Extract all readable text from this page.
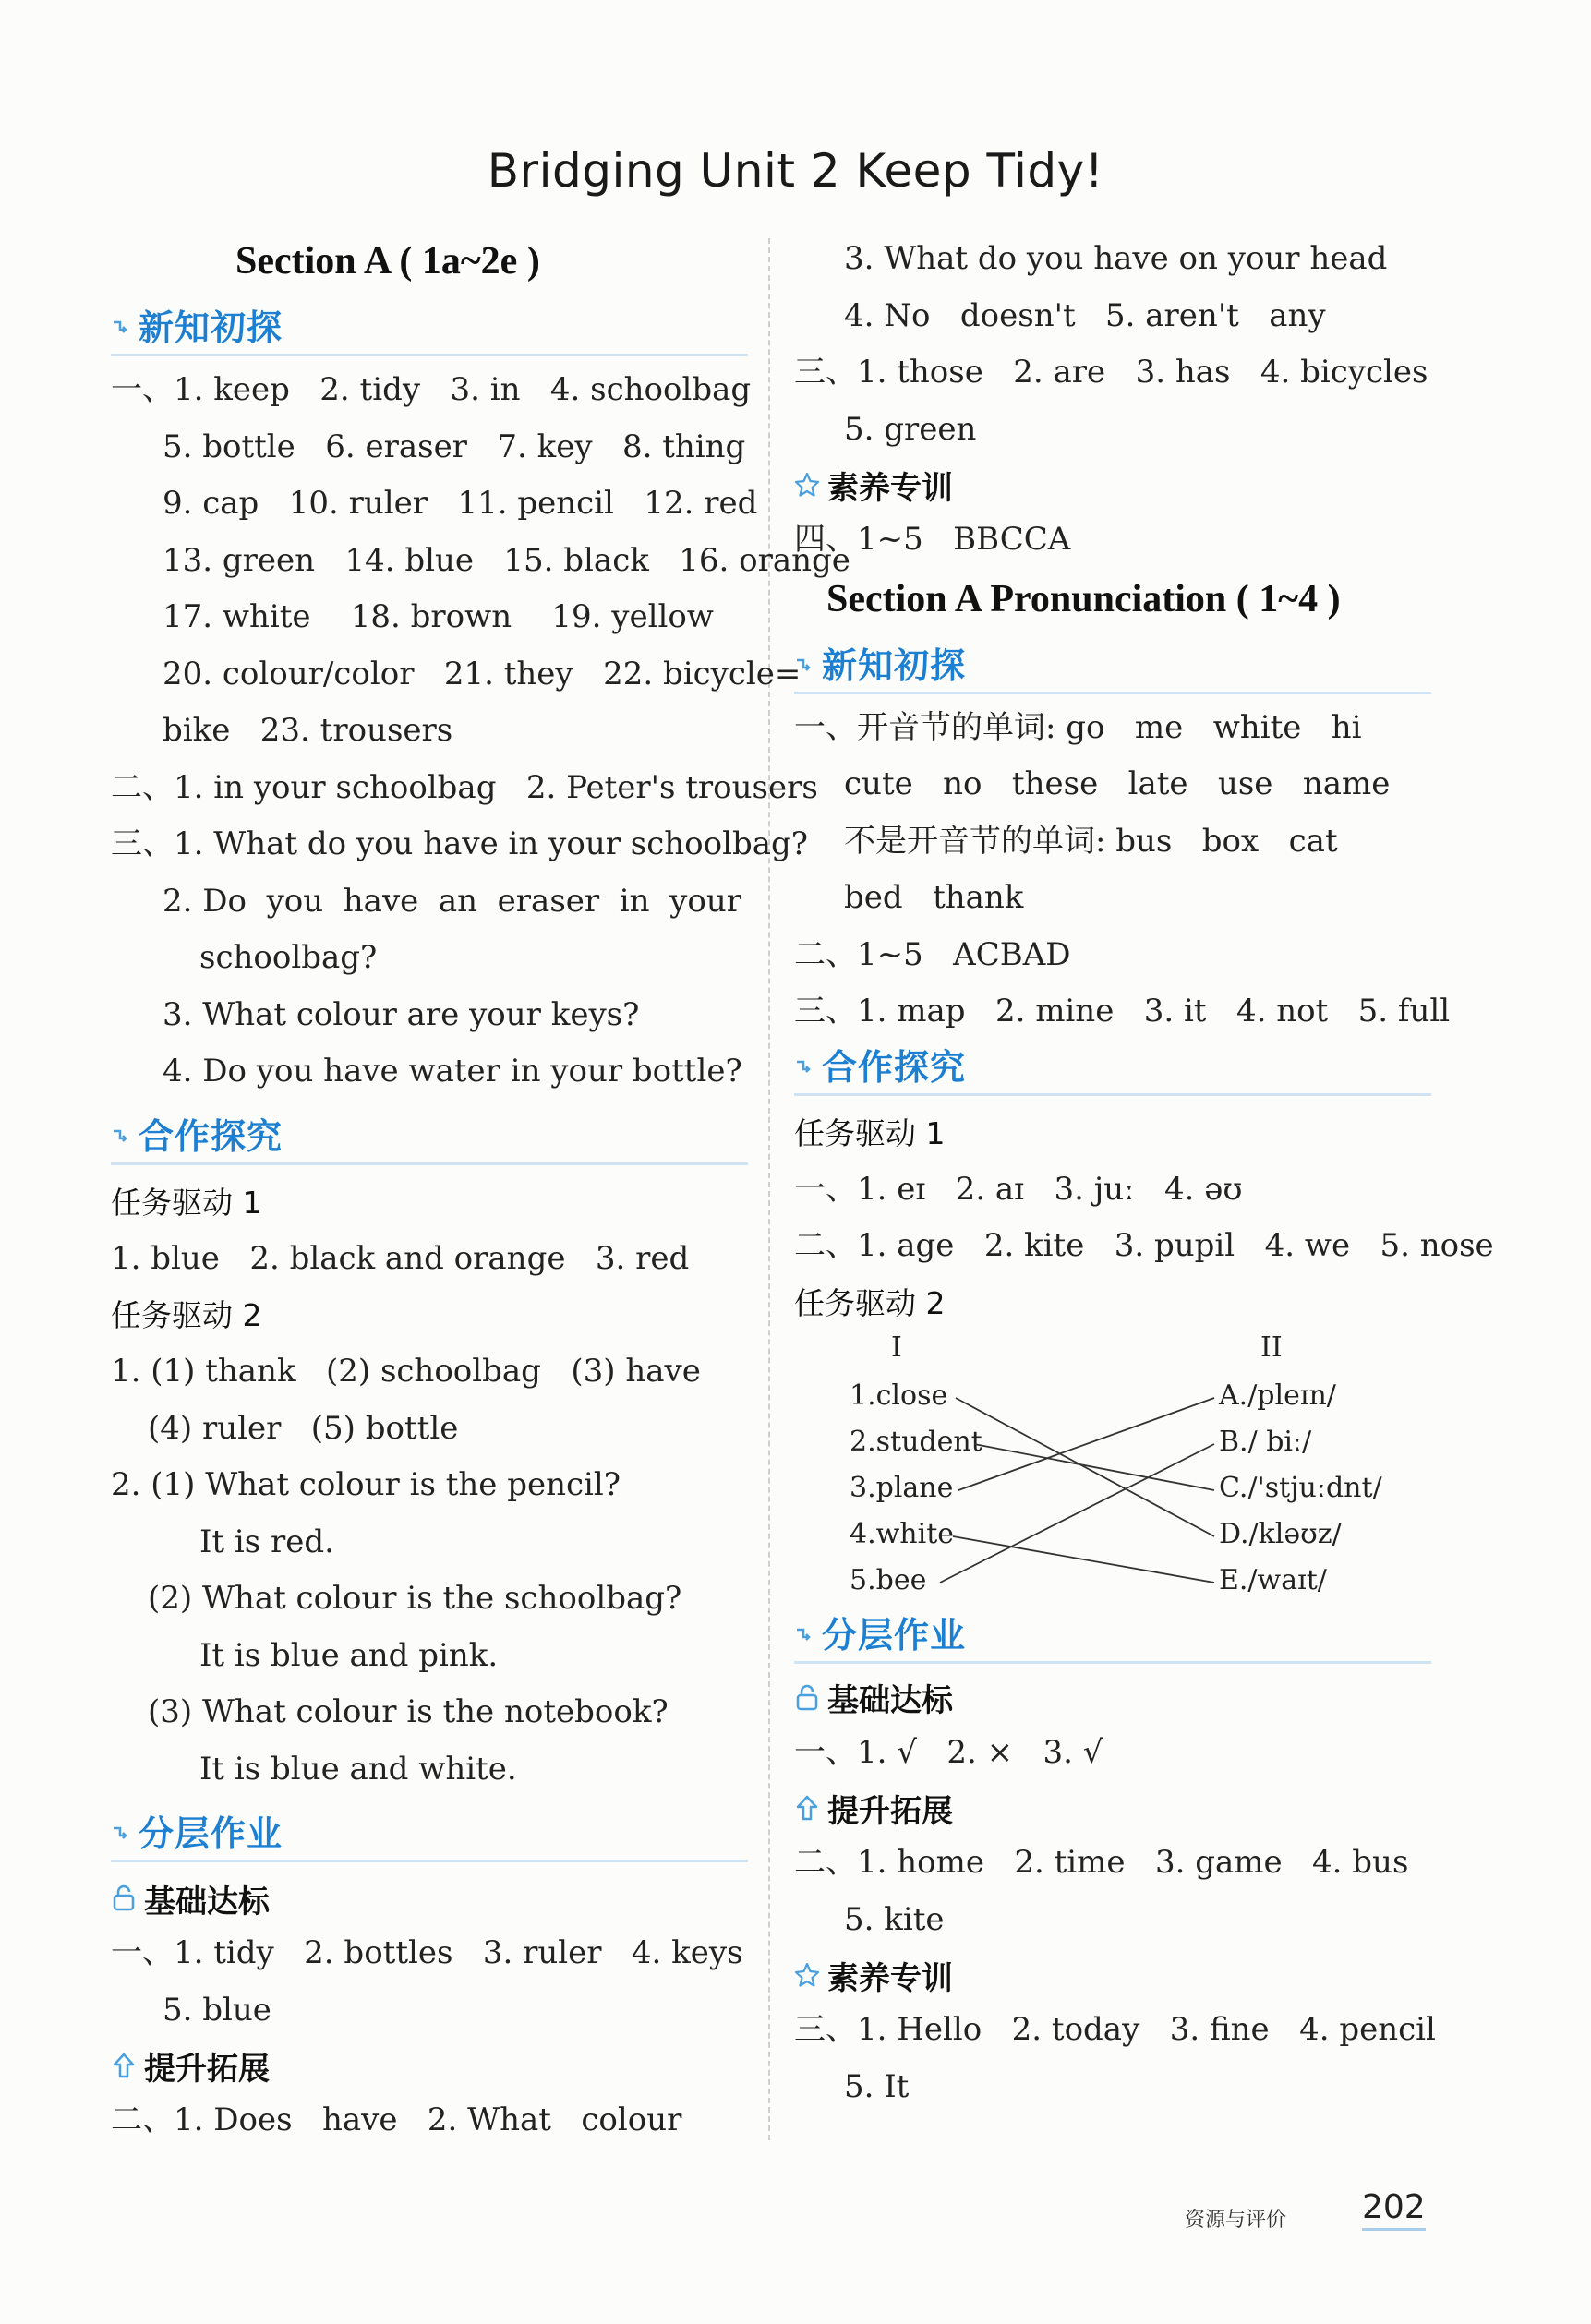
Bridging Unit 2 Keep Tidy!
Section A ( 1a~2e )
新知初探
一、1. keep   2. tidy   3. in   4. schoolbag
5. bottle   6. eraser   7. key   8. thing
9. cap   10. ruler   11. pencil   12. red
13. green   14. blue   15. black   16. orange
17. white    18. brown    19. yellow
20. colour/color   21. they   22. bicycle=
bike   23. trousers
二、1. in your schoolbag   2. Peter's trousers
三、1. What do you have in your schoolbag?
2. Do  you  have  an  eraser  in  your
schoolbag?
3. What colour are your keys?
4. Do you have water in your bottle?
合作探究
任务驱动 1
1. blue   2. black and orange   3. red
任务驱动 2
1. (1) thank   (2) schoolbag   (3) have
(4) ruler   (5) bottle
2. (1) What colour is the pencil?
It is red.
(2) What colour is the schoolbag?
It is blue and pink.
(3) What colour is the notebook?
It is blue and white.
分层作业
基础达标
一、1. tidy   2. bottles   3. ruler   4. keys
5. blue
提升拓展
二、1. Does   have   2. What   colour
3. What do you have on your head
4. No   doesn't   5. aren't   any
三、1. those   2. are   3. has   4. bicycles
5. green
素养专训
四、1~5   BBCCA
Section A Pronunciation ( 1~4 )
新知初探
一、开音节的单词: go   me   white   hi
cute   no   these   late   use   name
不是开音节的单词: bus   box   cat
bed   thank
二、1~5   ACBAD
三、1. map   2. mine   3. it   4. not   5. full
合作探究
任务驱动 1
一、1. eɪ   2. aɪ   3. juː   4. əʊ
二、1. age   2. kite   3. pupil   4. we   5. nose
任务驱动 2
I	II
1.close
2.student
3.plane
4.white
5.bee
A./pleɪn/
B./ biː/
C./'stjuːdnt/
D./kləʊz/
E./waɪt/
分层作业
基础达标
一、1. √   2. ×   3. √
提升拓展
二、1. home   2. time   3. game   4. bus
5. kite
素养专训
三、1. Hello   2. today   3. fine   4. pencil
5. It
资源与评价 202
